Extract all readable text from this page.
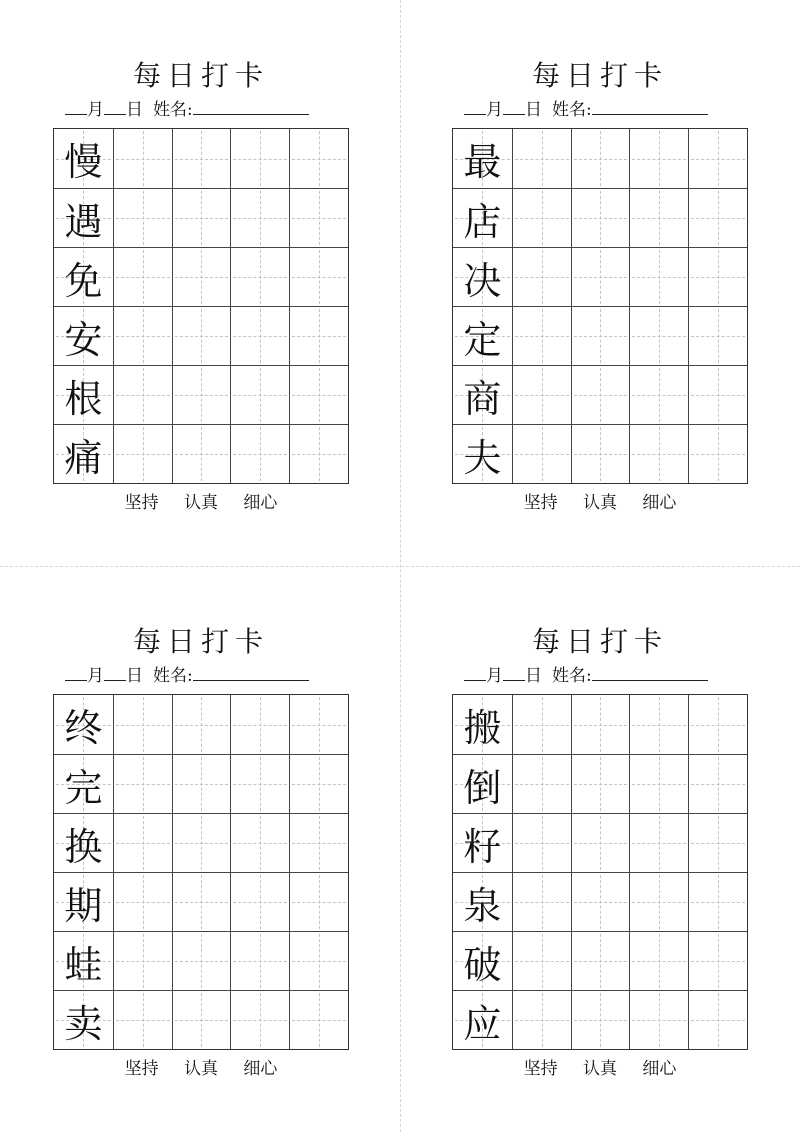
每日打卡
月 日 姓名:
慢
遇
免
安
根
痛
坚持 认真 细心
每日打卡
月 日 姓名:
最
店
决
定
商
夫
坚持 认真 细心
每日打卡
月 日 姓名:
终
完
换
期
蛙
卖
坚持 认真 细心
每日打卡
月 日 姓名:
搬
倒
籽
泉
破
应
坚持 认真 细心
